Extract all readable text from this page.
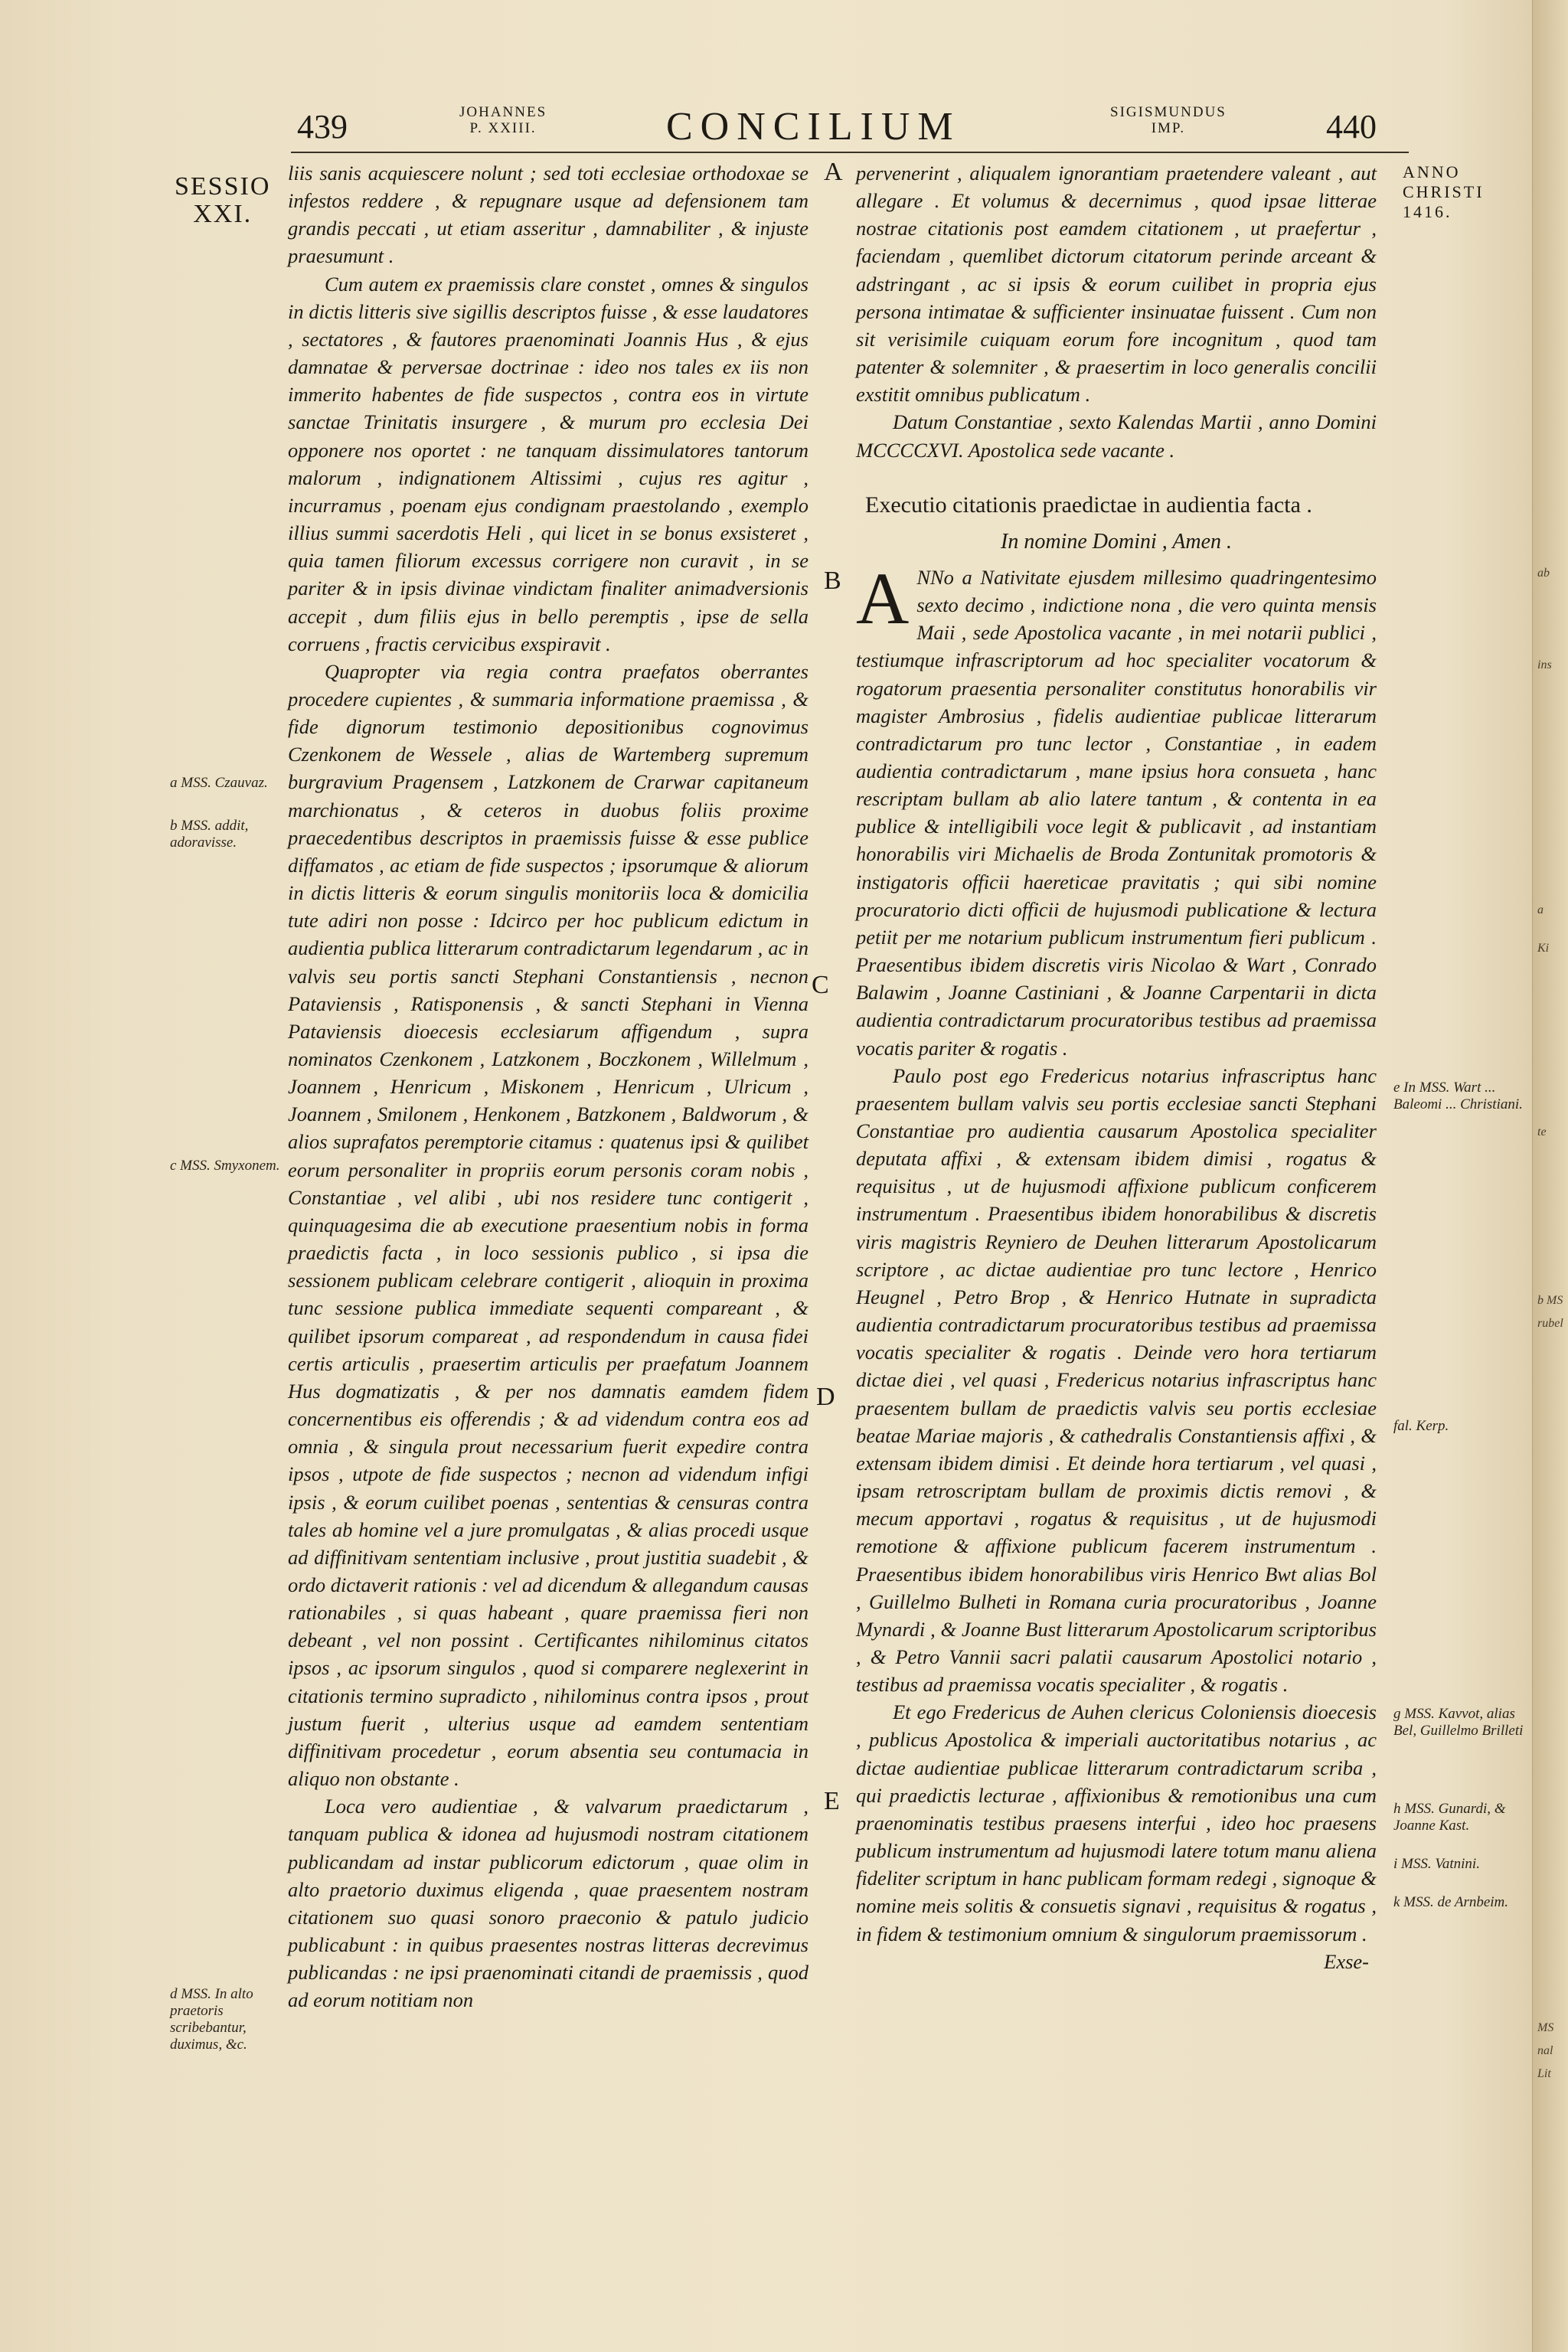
ab
ins
a
Ki
te
b MS
rubel
MS
nal
Lit
439	JOHANNES
P. XXIII.	CONCILIUM	SIGISMUNDUS
IMP.	440
SESSIO
XXI.
ANNO
CHRISTI
1416.
A
B
C
D
E
a MSS. Czauvaz.
b MSS. addit, adoravisse.
c MSS. Smyxonem.
d MSS. In alto praetoris scribebantur, duximus, &c.
e In MSS. Wart ... Baleomi ... Christiani.
fal. Kerp.
g MSS. Kavvot, alias Bel, Guillelmo Brilleti
h MSS. Gunardi, & Joanne Kast.
i MSS. Vatnini.
k MSS. de Arnbeim.

liis sanis acquiescere nolunt ; sed toti ecclesiae orthodoxae se infestos reddere , & repugnare usque ad defensionem tam grandis peccati , ut etiam asseritur , damnabiliter , & injuste praesumunt .

Cum autem ex praemissis clare constet , omnes & singulos in dictis litteris sive sigillis descriptos fuisse , & esse laudatores , sectatores , & fautores praenominati Joannis Hus , & ejus damnatae & perversae doctrinae : ideo nos tales ex iis non immerito habentes de fide suspectos , contra eos in virtute sanctae Trinitatis insurgere , & murum pro ecclesia Dei opponere nos oportet : ne tanquam dissimulatores tantorum malorum , indignationem Altissimi , cujus res agitur , incurramus , poenam ejus condignam praestolando , exemplo illius summi sacerdotis Heli , qui licet in se bonus exsisteret , quia tamen filiorum excessus corrigere non curavit , in se pariter & in ipsis divinae vindictam finaliter animadversionis accepit , dum filiis ejus in bello peremptis , ipse de sella corruens , fractis cervicibus exspiravit .

Quapropter via regia contra praefatos oberrantes procedere cupientes , & summaria informatione praemissa , & fide dignorum testimonio depositionibus cognovimus Czenkonem de Wessele , alias de Wartemberg supremum burgravium Pragensem , Latzkonem de Crarwar capitaneum marchionatus , & ceteros in duobus foliis proxime praecedentibus descriptos in praemissis fuisse & esse publice diffamatos , ac etiam de fide suspectos ; ipsorumque & aliorum in dictis litteris & eorum singulis monitoriis loca & domicilia tute adiri non posse : Idcirco per hoc publicum edictum in audientia publica litterarum contradictarum legendarum , ac in valvis seu portis sancti Stephani Constantiensis , necnon Pataviensis , Ratisponensis , & sancti Stephani in Vienna Pataviensis dioecesis ecclesiarum affigendum , supra nominatos Czenkonem , Latzkonem , Boczkonem , Willelmum , Joannem , Henricum , Miskonem , Henricum , Ulricum , Joannem , Smilonem , Henkonem , Batzkonem , Baldworum , & alios suprafatos peremptorie citamus : quatenus ipsi & quilibet eorum personaliter in propriis eorum personis coram nobis , Constantiae , vel alibi , ubi nos residere tunc contigerit , quinquagesima die ab executione praesentium nobis in forma praedictis facta , in loco sessionis publico , si ipsa die sessionem publicam celebrare contigerit , alioquin in proxima tunc sessione publica immediate sequenti compareant , & quilibet ipsorum compareat , ad respondendum in causa fidei certis articulis , praesertim articulis per praefatum Joannem Hus dogmatizatis , & per nos damnatis eamdem fidem concernentibus eis offerendis ; & ad videndum contra eos ad omnia , & singula prout necessarium fuerit expedire contra ipsos , utpote de fide suspectos ; necnon ad videndum infigi ipsis , & eorum cuilibet poenas , sententias & censuras contra tales ab homine vel a jure promulgatas , & alias procedi usque ad diffinitivam sententiam inclusive , prout justitia suadebit , & ordo dictaverit rationis : vel ad dicendum & allegandum causas rationabiles , si quas habeant , quare praemissa fieri non debeant , vel non possint . Certificantes nihilominus citatos ipsos , ac ipsorum singulos , quod si comparere neglexerint in citationis termino supradicto , nihilominus contra ipsos , prout justum fuerit , ulterius usque ad eamdem sententiam diffinitivam procedetur , eorum absentia seu contumacia in aliquo non obstante .

Loca vero audientiae , & valvarum praedictarum , tanquam publica & idonea ad hujusmodi nostram citationem publicandam ad instar publicorum edictorum , quae olim in alto praetorio duximus eligenda , quae praesentem nostram citationem suo quasi sonoro praeconio & patulo judicio publicabunt : in quibus praesentes nostras litteras decrevimus publicandas : ne ipsi praenominati citandi de praemissis , quod ad eorum notitiam non

pervenerint , aliqualem ignorantiam praetendere valeant , aut allegare . Et volumus & decernimus , quod ipsae litterae nostrae citationis post eamdem citationem , ut praefertur , faciendam , quemlibet dictorum citatorum perinde arceant & adstringant , ac si ipsis & eorum cuilibet in propria ejus persona intimatae & sufficienter insinuatae fuissent . Cum non sit verisimile cuiquam eorum fore incognitum , quod tam patenter & solemniter , & praesertim in loco generalis concilii exstitit omnibus publicatum .

Datum Constantiae , sexto Kalendas Martii , anno Domini MCCCCXVI. Apostolica sede vacante .

Executio citationis praedictae in audientia facta .
In nomine Domini , Amen .

A NNo a Nativitate ejusdem millesimo quadringentesimo sexto decimo , indictione nona , die vero quinta mensis Maii , sede Apostolica vacante , in mei notarii publici , testiumque infrascriptorum ad hoc specialiter vocatorum & rogatorum praesentia personaliter constitutus honorabilis vir magister Ambrosius , fidelis audientiae publicae litterarum contradictarum pro tunc lector , Constantiae , in eadem audientia contradictarum , mane ipsius hora consueta , hanc rescriptam bullam ab alio latere tantum , & contenta in ea publice & intelligibili voce legit & publicavit , ad instantiam honorabilis viri Michaelis de Broda Zontunitak promotoris & instigatoris officii haereticae pravitatis ; qui sibi nomine procuratorio dicti officii de hujusmodi publicatione & lectura petiit per me notarium publicum instrumentum fieri publicum . Praesentibus ibidem discretis viris Nicolao & Wart , Conrado Balawim , Joanne Castiniani , & Joanne Carpentarii in dicta audientia contradictarum procuratoribus testibus ad praemissa vocatis pariter & rogatis .

Paulo post ego Fredericus notarius infrascriptus hanc praesentem bullam valvis seu portis ecclesiae sancti Stephani Constantiae pro audientia causarum Apostolica specialiter deputata affixi , & extensam ibidem dimisi , rogatus & requisitus , ut de hujusmodi affixione publicum conficerem instrumentum . Praesentibus ibidem honorabilibus & discretis viris magistris Reyniero de Deuhen litterarum Apostolicarum scriptore , ac dictae audientiae pro tunc lectore , Henrico Heugnel , Petro Brop , & Henrico Hutnate in supradicta audientia contradictarum procuratoribus testibus ad praemissa vocatis specialiter & rogatis . Deinde vero hora tertiarum dictae diei , vel quasi , Fredericus notarius infrascriptus hanc praesentem bullam de praedictis valvis seu portis ecclesiae beatae Mariae majoris , & cathedralis Constantiensis affixi , & extensam ibidem dimisi . Et deinde hora tertiarum , vel quasi , ipsam retroscriptam bullam de proximis dictis removi , & mecum apportavi , rogatus & requisitus , ut de hujusmodi remotione & affixione publicum facerem instrumentum . Praesentibus ibidem honorabilibus viris Henrico Bwt alias Bol , Guillelmo Bulheti in Romana curia procuratoribus , Joanne Mynardi , & Joanne Bust litterarum Apostolicarum scriptoribus , & Petro Vannii sacri palatii causarum Apostolici notario , testibus ad praemissa vocatis specialiter , & rogatis .

Et ego Fredericus de Auhen clericus Coloniensis dioecesis , publicus Apostolica & imperiali auctoritatibus notarius , ac dictae audientiae publicae litterarum contradictarum scriba , qui praedictis lecturae , affixionibus & remotionibus una cum praenominatis testibus praesens interfui , ideo hoc praesens publicum instrumentum ad hujusmodi latere totum manu aliena fideliter scriptum in hanc publicam formam redegi , signoque & nomine meis solitis & consuetis signavi , requisitus & rogatus , in fidem & testimonium omnium & singulorum praemissorum .

Exse-
